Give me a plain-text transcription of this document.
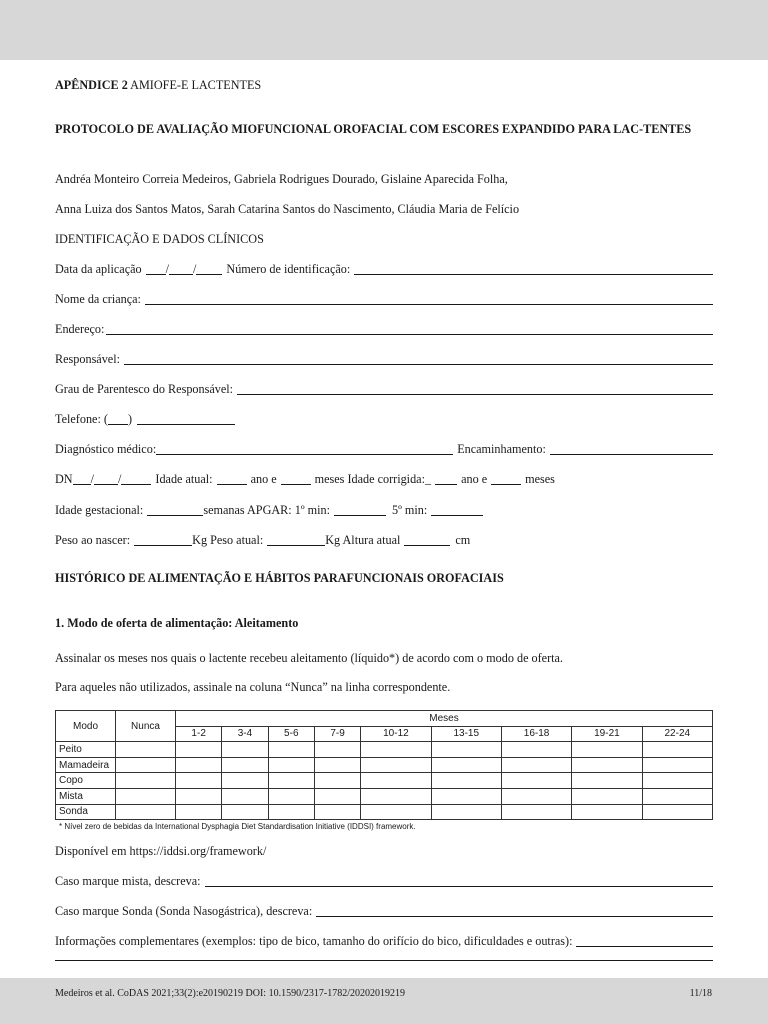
APÊNDICE 2 AMIOFE-E LACTENTES
PROTOCOLO DE AVALIAÇÃO MIOFUNCIONAL OROFACIAL COM ESCORES EXPANDIDO PARA LAC-TENTES
Andréa Monteiro Correia Medeiros, Gabriela Rodrigues Dourado, Gislaine Aparecida Folha,
Anna Luiza dos Santos Matos, Sarah Catarina Santos do Nascimento, Cláudia Maria de Felício
IDENTIFICAÇÃO E DADOS CLÍNICOS
Data da aplicação / / Número de identificação:
Nome da criança:
Endereço:
Responsável:
Grau de Parentesco do Responsável:
Telefone: ( )
Diagnóstico médico:	Encaminhamento:
DN / /	Idade atual:	ano e	meses Idade corrigida:_ ano e	meses
Idade gestacional:	semanas APGAR: 1º min:	5º min:
Peso ao nascer:	Kg Peso atual:	Kg Altura atual	cm
HISTÓRICO DE ALIMENTAÇÃO E HÁBITOS PARAFUNCIONAIS OROFACIAIS
1. Modo de oferta de alimentação: Aleitamento
Assinalar os meses nos quais o lactente recebeu aleitamento (líquido*) de acordo com o modo de oferta.
Para aqueles não utilizados, assinale na coluna “Nunca” na linha correspondente.
Modo	Nunca	Meses								
		1-2	3-4	5-6	7-9	10-12	13-15	16-18	19-21	22-24
Peito										
Mamadeira										
Copo										
Mista										
Sonda										
* Nível zero de bebidas da International Dysphagia Diet Standardisation Initiative (IDDSI) framework.
Disponível em https://iddsi.org/framework/
Caso marque mista, descreva:
Caso marque Sonda (Sonda Nasogástrica), descreva:
Informações complementares (exemplos: tipo de bico, tamanho do orifício do bico, dificuldades e outras):
Medeiros et al. CoDAS 2021;33(2):e20190219 DOI: 10.1590/2317-1782/20202019219	11/18
